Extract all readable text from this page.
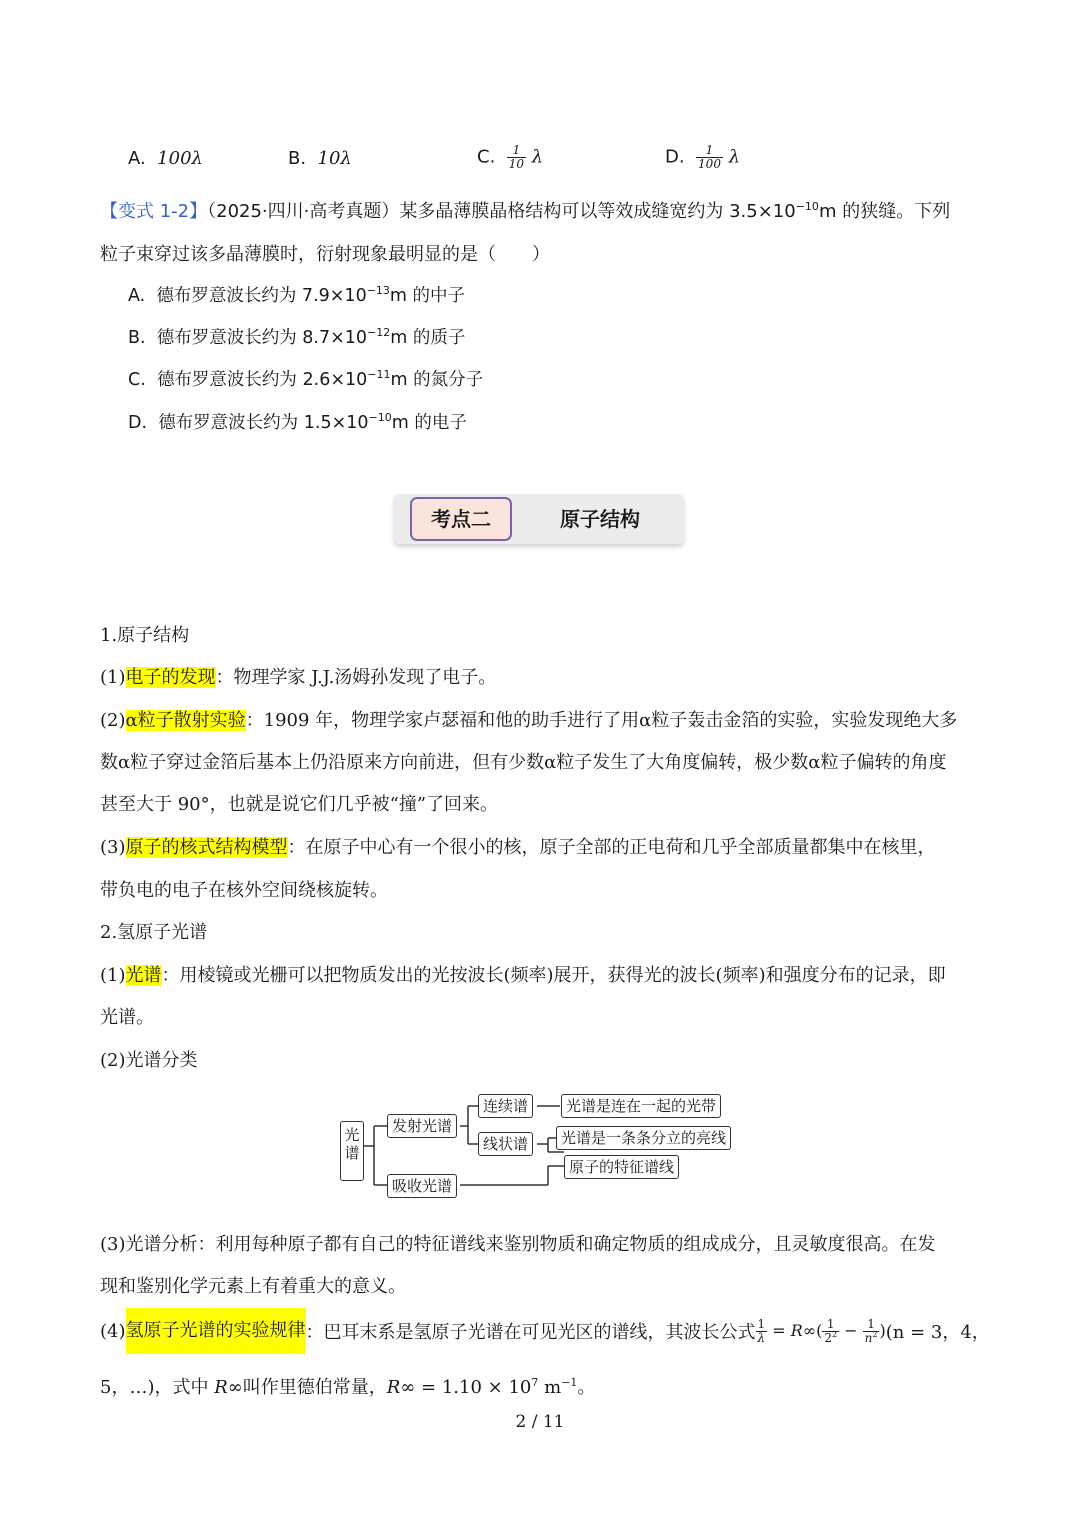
A. 100λ	B. 10λ	C. $\frac{1}{10}$ λ	D. $\frac{1}{100}$ λ
【变式 1-2】（2025·四川·高考真题）某多晶薄膜晶格结构可以等效成缝宽约为 $3.5\times 10^{-10}m$ 的狭缝。下列
粒子束穿过该多晶薄膜时，衍射现象最明显的是（　　）
A. 德布罗意波长约为 $7.9\times 10^{-13}m$ 的中子
B. 德布罗意波长约为 $8.7\times 10^{-12}m$ 的质子
C. 德布罗意波长约为 $2.6\times 10^{-11}m$ 的氮分子
D. 德布罗意波长约为 $1.5\times 10^{-10}m$ 的电子
考点二	原子结构
1.原子结构
(1)电子的发现：物理学家 J.J.汤姆孙发现了电子。
(2)α粒子散射实验：1909 年，物理学家卢瑟福和他的助手进行了用α粒子轰击金箔的实验，实验发现绝大多
数α粒子穿过金箔后基本上仍沿原来方向前进，但有少数α粒子发生了大角度偏转，极少数α粒子偏转的角度
甚至大于 90°，也就是说它们几乎被“撞”了回来。
(3)原子的核式结构模型：在原子中心有一个很小的核，原子全部的正电荷和几乎全部质量都集中在核里，
带负电的电子在核外空间绕核旋转。
2.氢原子光谱
(1)光谱：用棱镜或光栅可以把物质发出的光按波长(频率)展开，获得光的波长(频率)和强度分布的记录，即
光谱。
(2)光谱分类
光谱
发射光谱
吸收光谱
连续谱
线状谱
光谱是连在一起的光带
光谱是一条条分立的亮线
原子的特征谱线
(3)光谱分析：利用每种原子都有自己的特征谱线来鉴别物质和确定物质的组成成分，且灵敏度很高。在发
现和鉴别化学元素上有着重大的意义。
(4) 氢原子光谱的实验规律 ：巴耳末系是氢原子光谱在可见光区的谱线，其波长公式 $\frac{1}{\lambda} = R\infty( \frac{1}{2^2} - \frac{1}{n^2}$ ) (n = 3，4，
5，…)，式中 R∞叫作里德伯常量，$R\infty = 1.10 \times 10^7$ $m^{-1}$。
2 / 11
